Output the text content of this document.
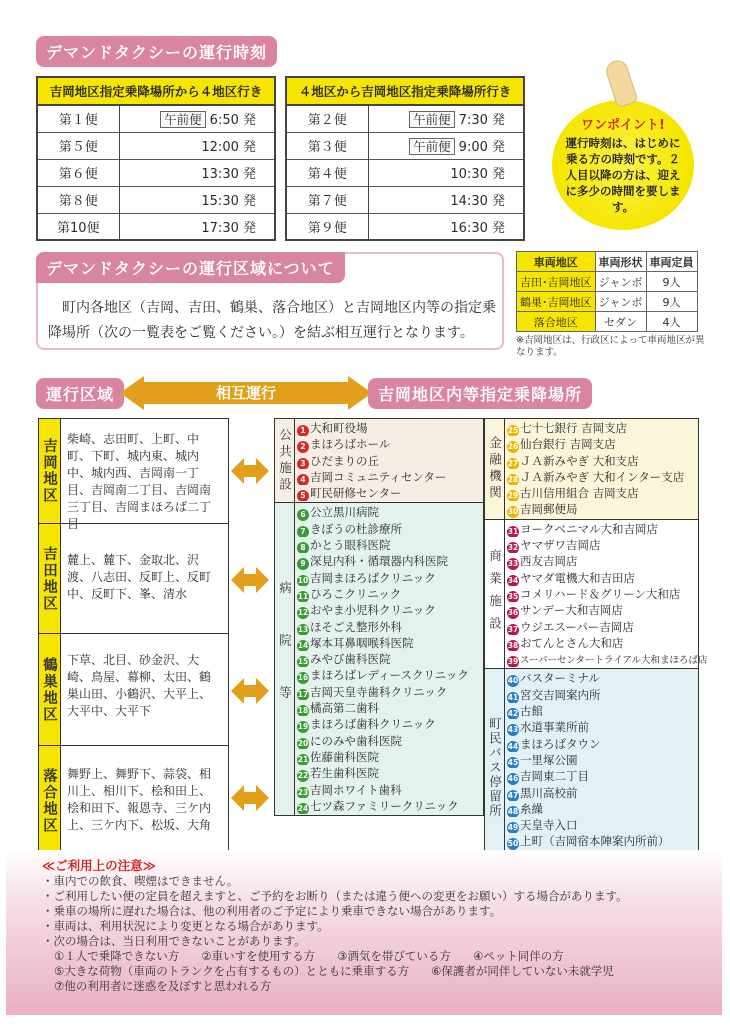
デマンドタクシーの運行時刻
吉岡地区指定乗降場所から４地区行き	
第１便	午前便 6:50 発
第５便	12:00 発
第６便	13:30 発
第８便	15:30 発
第10便	17:30 発
４地区から吉岡地区指定乗降場所行き	
第２便	午前便 7:30 発
第３便	午前便 9:00 発
第４便	10:30 発
第７便	14:30 発
第９便	16:30 発
ワンポイント!
運行時刻は、はじめに乗る方の時刻です。２人目以降の方は、迎えに多少の時間を要します。
デマンドタクシーの運行区域について
町内各地区（吉岡、吉田、鶴巣、落合地区）と吉岡地区内等の指定乗降場所（次の一覧表をご覧ください。）を結ぶ相互運行となります。
車両地区	車両形状	車両定員
吉田･吉岡地区	ジャンボ	9人
鶴巣･吉岡地区	ジャンボ	9人
落合地区	セダン	4人
※吉岡地区は、行政区によって車両地区が異なります。
運行区域	相互運行	吉岡地区内等指定乗降場所
吉岡地区 柴崎、志田町、上町、中町、下町、城内東、城内中、城内西、吉岡南一丁目、吉岡南二丁目、吉岡南三丁目、吉岡まほろば二丁目
吉田地区 麓上、麓下、金取北、沢渡、八志田、反町上、反町中、反町下、峯、清水
鶴巣地区 下草、北目、砂金沢、大崎、鳥屋、幕柳、太田、鶴巣山田、小鶴沢、大平上、大平中、大平下
落合地区 舞野上、舞野下、蒜袋、相川上、相川下、桧和田上、桧和田下、報恩寺、三ケ内上、三ケ内下、松坂、大角
公共施設	1 大和町役場
2 まほろばホール
3 ひだまりの丘
4 吉岡コミュニティセンター
5 町民研修センター
病院等
6 公立黒川病院
7 きぼうの杜診療所
8 かとう眼科医院
9 深見内科・循環器内科医院
10 吉岡まほろばクリニック
11 ひろこクリニック
12 おやま小児科クリニック
13 ほそごえ整形外科
14 塚本耳鼻咽喉科医院
15 みやび歯科医院
16 まほろばレディースクリニック
17 吉岡天皇寺歯科クリニック
18 橘高第二歯科
19 まほろば歯科クリニック
20 にのみや歯科医院
21 佐藤歯科医院
22 若生歯科医院
23 吉岡ホワイト歯科
24 七ツ森ファミリークリニック
金融機関
25 七十七銀行 吉岡支店
26 仙台銀行 吉岡支店
27 ＪＡ新みやぎ 大和支店
28 ＪＡ新みやぎ 大和インター支店
29 古川信用組合 吉岡支店
30 吉岡郵便局
商業施設
31 ヨークベニマル大和吉岡店
32 ヤマザワ吉岡店
33 西友吉岡店
34 ヤマダ電機大和吉田店
35 コメリハード＆グリーン大和店
36 サンデー大和吉岡店
37 ウジエスーパー吉岡店
38 おてんとさん大和店
39 スーパーセンタートライアル大和まほろば店
町民バス停留所
40 バスターミナル
41 宮交吉岡案内所
42 古館
43 水道事業所前
44 まほろばタウン
45 一里塚公園
46 吉岡東二丁目
47 黒川高校前
48 糸繰
49 天皇寺入口
50 上町（吉岡宿本陣案内所前）
≪ご利用上の注意≫
・車内での飲食、喫煙はできません。
・ご利用したい便の定員を超えますと、ご予約をお断り（または違う便への変更をお願い）する場合があります。
・乗車の場所に遅れた場合は、他の利用者のご予定により乗車できない場合があります。
・車両は、利用状況により変更となる場合があります。
・次の場合は、当日利用できないことがあります。
①１人で乗降できない方 ②車いすを使用する方 ③酒気を帯びている方 ④ペット同伴の方
⑤大きな荷物（車両のトランクを占有するもの）とともに乗車する方 ⑥保護者が同伴していない未就学児
⑦他の利用者に迷惑を及ぼすと思われる方
